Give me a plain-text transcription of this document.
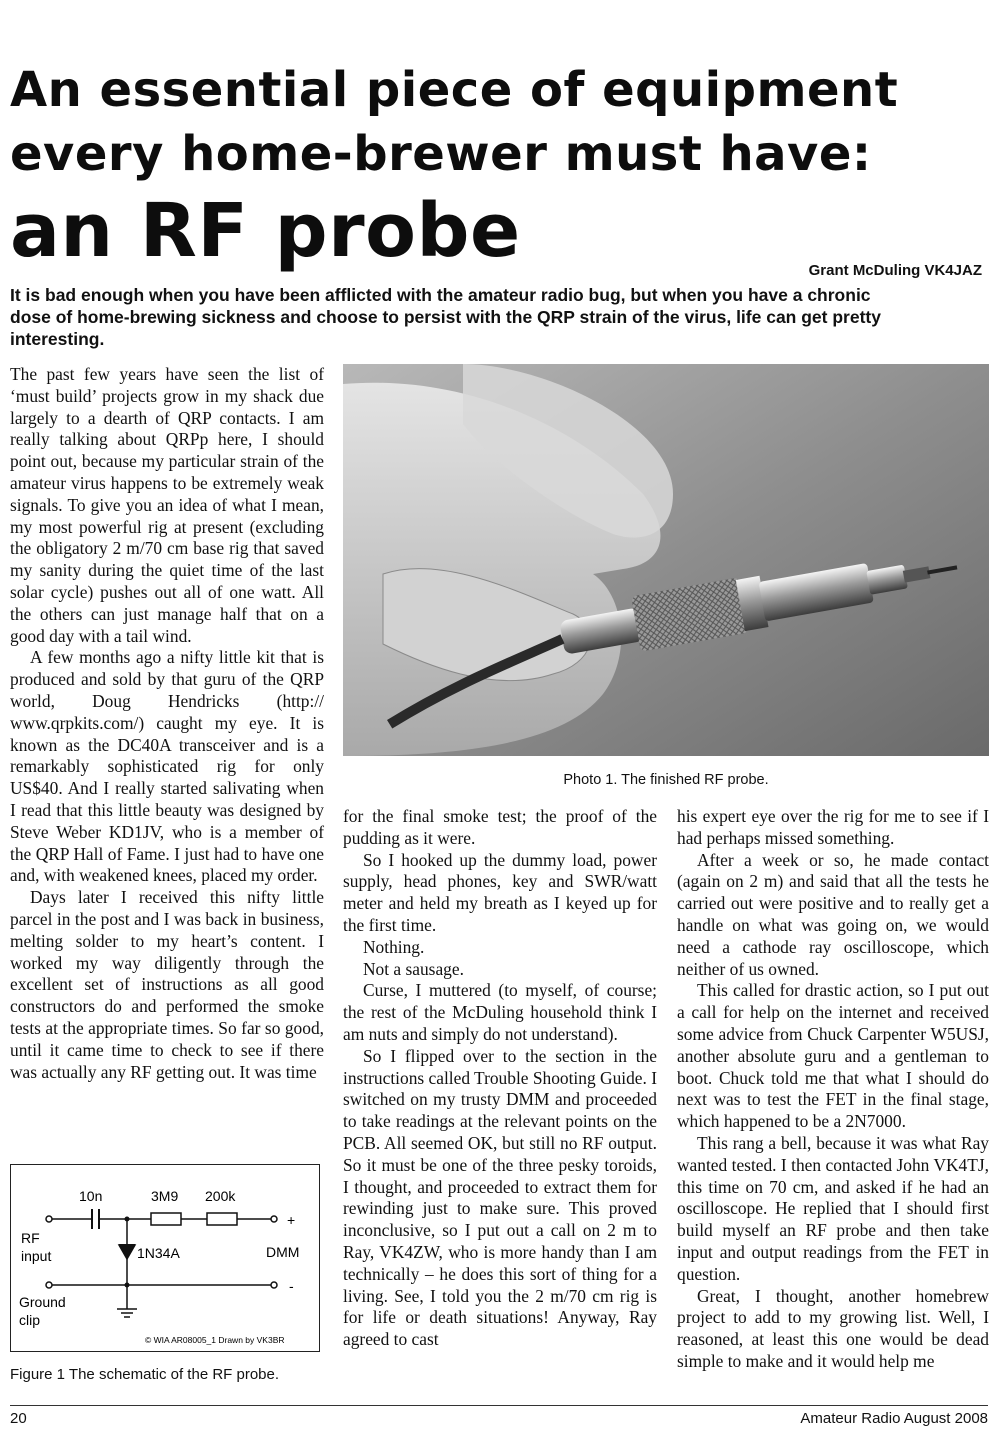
An essential piece of equipment
every home-brewer must have:
an RF probe	Grant McDuling VK4JAZ
It is bad enough when you have been afflicted with the amateur radio bug, but when you have a chronic dose of home-brewing sickness and choose to persist with the QRP strain of the virus, life can get pretty interesting.

The past few years have seen the list of ‘must build’ projects grow in my shack due largely to a dearth of QRP contacts. I am really talking about QRPp here, I should point out, because my particular strain of the amateur virus happens to be extremely weak signals. To give you an idea of what I mean, my most powerful rig at present (excluding the obligatory 2 m/70 cm base rig that saved my sanity during the quiet time of the last solar cycle) pushes out all of one watt. All the others can just manage half that on a good day with a tail wind.

A few months ago a nifty little kit that is produced and sold by that guru of the QRP world, Doug Hendricks (http:// www.qrpkits.com/) caught my eye. It is known as the DC40A transceiver and is a remarkably sophisticated rig for only US$40. And I really started salivating when I read that this little beauty was designed by Steve Weber KD1JV, who is a member of the QRP Hall of Fame. I just had to have one and, with weakened knees, placed my order.

Days later I received this nifty little parcel in the post and I was back in business, melting solder to my heart’s content. I worked my way diligently through the excellent set of instructions as all good constructors do and performed the smoke tests at the appropriate times. So far so good, until it came time to check to see if there was actually any RF getting out. It was time

Photo 1. The finished RF probe.

for the final smoke test; the proof of the pudding as it were.

So I hooked up the dummy load, power supply, head phones, key and SWR/watt meter and held my breath as I keyed up for the first time.

Nothing.

Not a sausage.

Curse, I muttered (to myself, of course; the rest of the McDuling household think I am nuts and simply do not understand).

So I flipped over to the section in the instructions called Trouble Shooting Guide. I switched on my trusty DMM and proceeded to take readings at the relevant points on the PCB. All seemed OK, but still no RF output. So it must be one of the three pesky toroids, I thought, and proceeded to extract them for rewinding just to make sure. This proved inconclusive, so I put out a call on 2 m to Ray, VK4ZW, who is more handy than I am technically – he does this sort of thing for a living. See, I told you the 2 m/70 cm rig is for life or death situations! Anyway, Ray agreed to cast

his expert eye over the rig for me to see if I had perhaps missed something.

After a week or so, he made contact (again on 2 m) and said that all the tests he carried out were positive and to really get a handle on what was going on, we would need a cathode ray oscilloscope, which neither of us owned.

This called for drastic action, so I put out a call for help on the internet and received some advice from Chuck Carpenter W5USJ, another absolute guru and a gentleman to boot. Chuck told me that what I should do next was to test the FET in the final stage, which happened to be a 2N7000.

This rang a bell, because it was what Ray wanted tested. I then contacted John VK4TJ, this time on 70 cm, and asked if he had an oscilloscope. He replied that I should first build myself an RF probe and then take input and output readings from the FET in question.

Great, I thought, another homebrew project to add to my growing list. Well, I reasoned, at least this one would be dead simple to make and it would help me

10n	3M9 200k
1N34A
+
-
RF
input	DMM
Ground
clip
© WIA AR08005_1 Drawn by VK3BR
Figure 1 The schematic of the RF probe.
20	Amateur Radio August 2008
